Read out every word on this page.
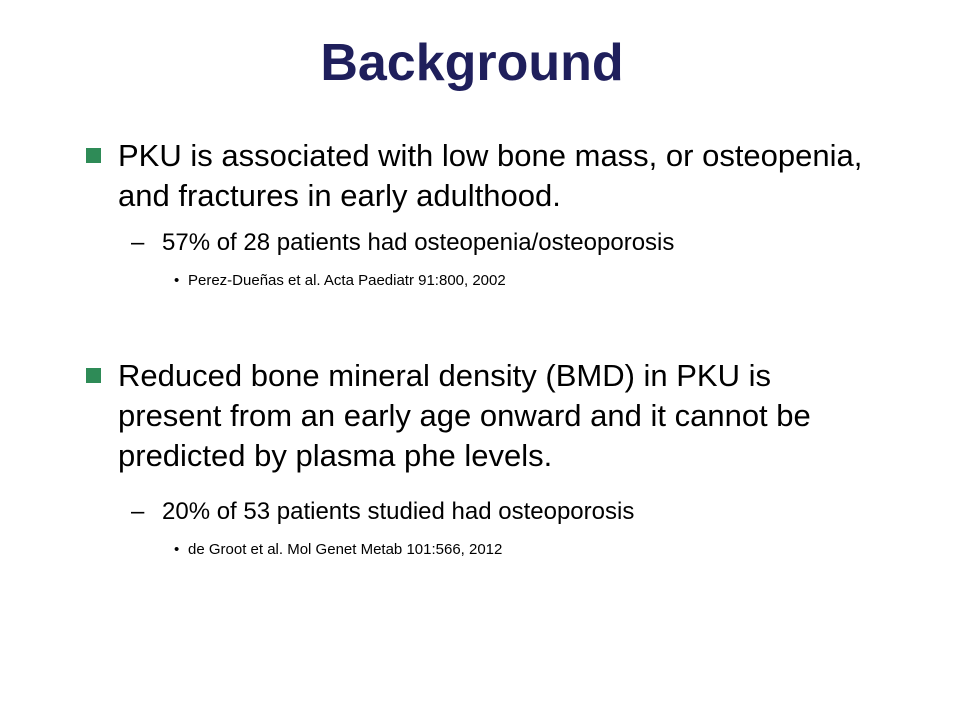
Background
PKU is associated with low bone mass, or osteopenia, and fractures in early adulthood.
– 57% of 28 patients had osteopenia/osteoporosis
• Perez-Dueñas et al. Acta Paediatr 91:800, 2002
Reduced bone mineral density (BMD) in PKU is present from an early age onward and it cannot be predicted by plasma phe levels.
– 20% of 53 patients studied had osteoporosis
• de Groot et al. Mol Genet Metab 101:566, 2012
